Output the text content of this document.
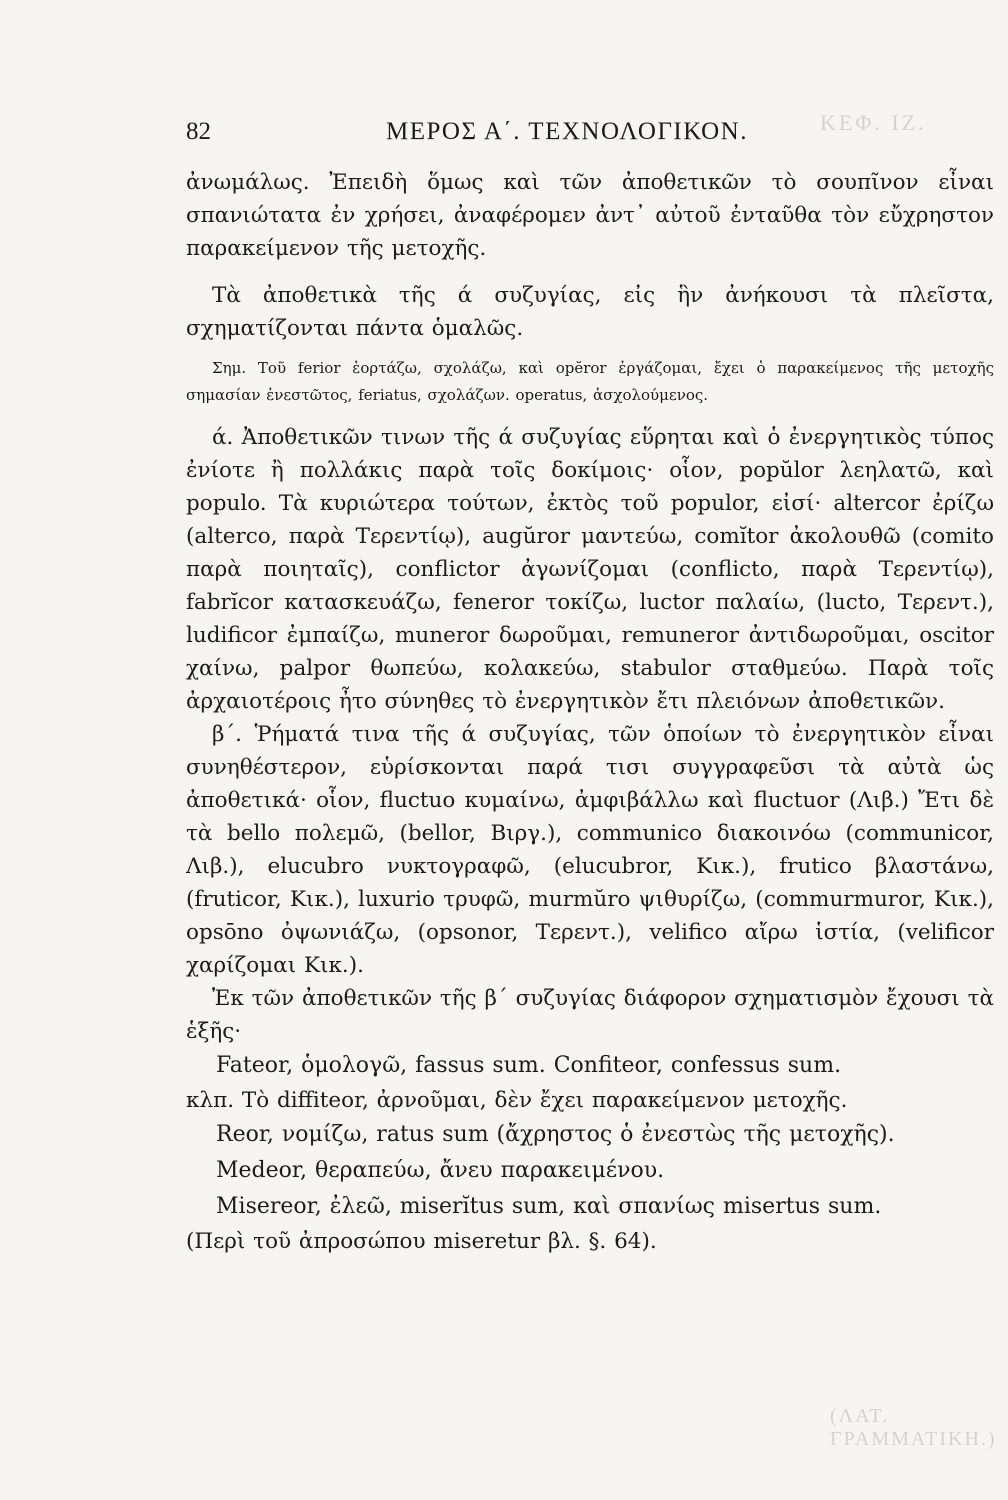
ΚΕΦ. ΙΖ.
(ΛΑΤ. ΓΡΑΜΜΑΤΙΚΗ.)
82	ΜΕΡΟΣ Α΄. ΤΕΧΝΟΛΟΓΙΚΟΝ.

ἀνωμάλως. Ἐπειδὴ ὅμως καὶ τῶν ἀποθετικῶν τὸ σουπῖνον εἶναι σπανιώτατα ἐν χρήσει, ἀναφέρομεν ἀντ᾽ αὐτοῦ ἐνταῦθα τὸν εὔχρηστον παρακείμενον τῆς μετοχῆς.

Τὰ ἀποθετικὰ τῆς ά συζυγίας, εἰς ἣν ἀνήκουσι τὰ πλεῖστα, σχηματίζονται πάντα ὁμαλῶς.

Σημ. Τοῦ ferior ἑορτάζω, σχολάζω, καὶ opĕror ἐργάζομαι, ἔχει ὁ παρακείμενος τῆς μετοχῆς σημασίαν ἐνεστῶτος, feriatus, σχολάζων. operatus, ἀσχολούμενος.

ά. Ἀποθετικῶν τινων τῆς ά συζυγίας εὕρηται καὶ ὁ ἐνεργητικὸς τύπος ἐνίοτε ἢ πολλάκις παρὰ τοῖς δοκίμοις· οἷον, popŭlor λεηλατῶ, καὶ populo. Τὰ κυριώτερα τούτων, ἐκτὸς τοῦ populor, εἰσί· altercor ἐρίζω (alterco, παρὰ Τερεντίῳ), augŭror μαντεύω, comĭtor ἀκολουθῶ (comito παρὰ ποιηταῖς), conflictor ἀγωνίζομαι (conflicto, παρὰ Τερεντίῳ), fabrĭcor κατασκευάζω, feneror τοκίζω, luctor παλαίω, (lucto, Τερεντ.), ludificor ἐμπαίζω, muneror δωροῦμαι, remuneror ἀντιδωροῦμαι, oscitor χαίνω, palpor θωπεύω, κολακεύω, stabulor σταθμεύω. Παρὰ τοῖς ἀρχαιοτέροις ἦτο σύνηθες τὸ ἐνεργητικὸν ἔτι πλειόνων ἀποθετικῶν.

β΄. Ῥήματά τινα τῆς ά συζυγίας, τῶν ὁποίων τὸ ἐνεργητικὸν εἶναι συνηθέστερον, εὑρίσκονται παρά τισι συγγραφεῦσι τὰ αὐτὰ ὡς ἀποθετικά· οἷον, fluctuo κυμαίνω, ἀμφιβάλλω καὶ fluctuor (Λιβ.) Ἔτι δὲ τὰ bello πολεμῶ, (bellor, Βιργ.), communico διακοινόω (communicor, Λιβ.), elucubro νυκτογραφῶ, (elucubror, Κικ.), frutico βλαστάνω, (fruticor, Κικ.), luxurio τρυφῶ, murmŭro ψιθυρίζω, (commurmuror, Κικ.), opsōno ὀψωνιάζω, (opsonor, Τερεντ.), velifico αἴρω ἱστία, (velificor χαρίζομαι Κικ.).

Ἐκ τῶν ἀποθετικῶν τῆς β΄ συζυγίας διάφορον σχηματισμὸν ἔχουσι τὰ ἑξῆς·

Fateor, ὁμολογῶ, fassus sum. Confiteor, confessus sum.

κλπ. Τὸ diffiteor, ἀρνοῦμαι, δὲν ἔχει παρακείμενον μετοχῆς.

Reor, νομίζω, ratus sum (ἄχρηστος ὁ ἐνεστὼς τῆς μετοχῆς).

Medeor, θεραπεύω, ἄνευ παρακειμένου.

Misereor, ἐλεῶ, miserĭtus sum, καὶ σπανίως misertus sum.

(Περὶ τοῦ ἀπροσώπου miseretur βλ. §. 64).
